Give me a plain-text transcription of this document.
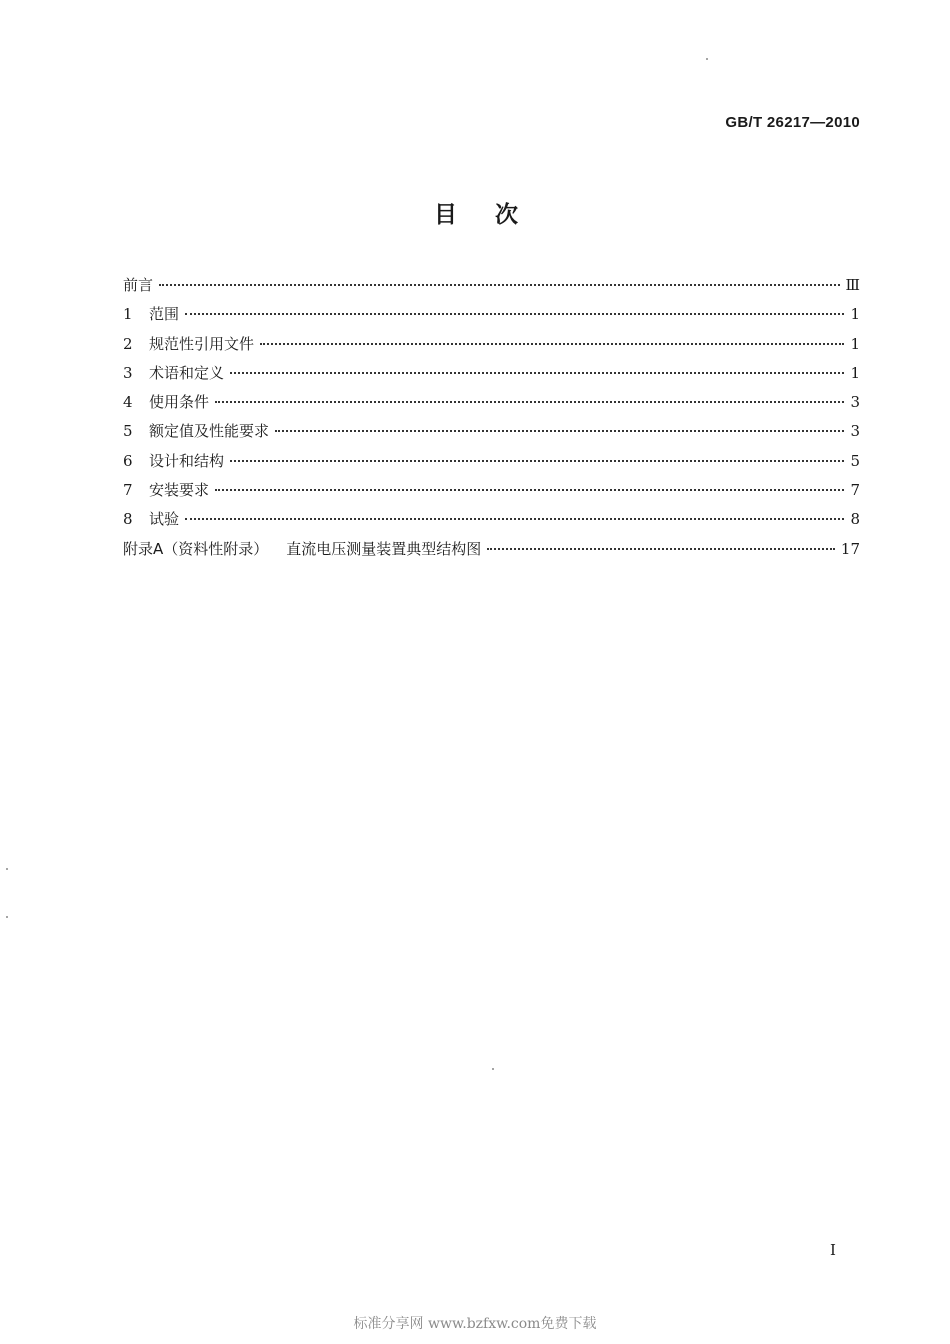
GB/T 26217—2010
目次
前言	Ⅲ
1	范围	1
2	规范性引用文件	1
3	术语和定义	1
4	使用条件	3
5	额定值及性能要求	3
6	设计和结构	5
7	安装要求	7
8	试验	8
附录A（资料性附录） 直流电压测量装置典型结构图	17
I
标准分享网 www.bzfxw.com免费下载
